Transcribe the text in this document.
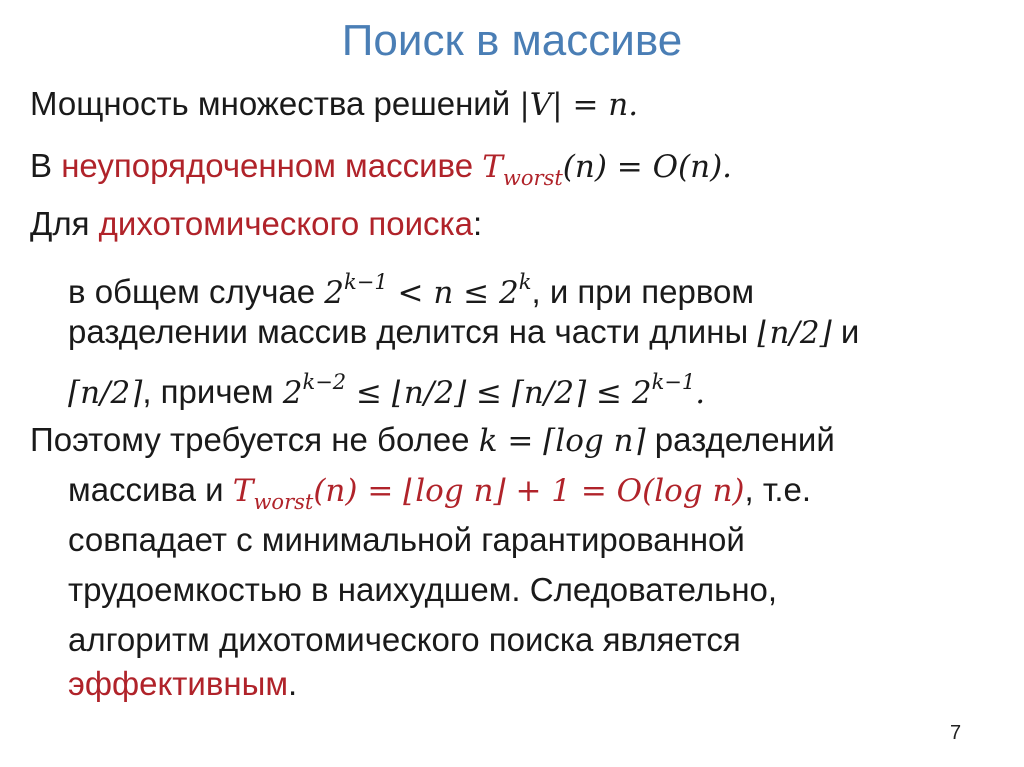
Поиск в массиве
Мощность множества решений |V| = n.
В неупорядоченном массиве $T_{worst}(n) = O(n)$.
Для дихотомического поиска:
в общем случае $2^{k-1} < n \le 2^k$, и при первом
разделении массив делится на части длины ⌊n/2⌋ и
⌈n/2⌉, причем $2^{k-2}$ ≤ ⌊n/2⌋ ≤ ⌈n/2⌉ ≤ $2^{k-1}$.
Поэтому требуется не более k = ⌈log n⌉ разделений
массива и $T_{worst}(n)$ = ⌊log n⌋ + 1 = O(log n), т.е.
совпадает с минимальной гарантированной
трудоемкостью в наихудшем. Следовательно,
алгоритм дихотомического поиска является
эффективным.
7
